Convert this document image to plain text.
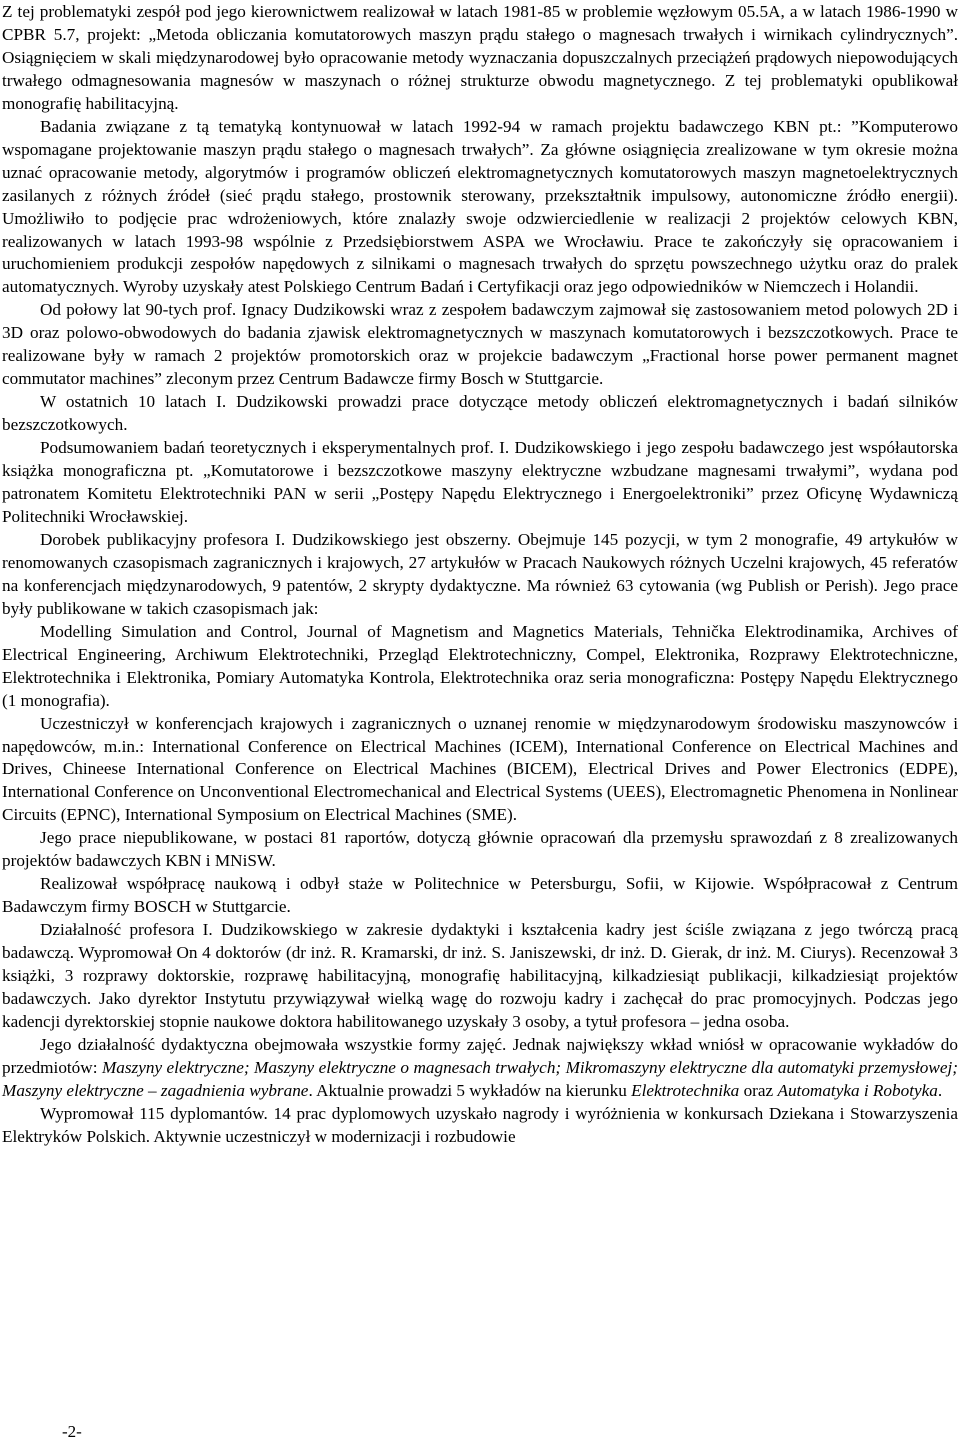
Z tej problematyki zespół pod jego kierownictwem realizował w latach 1981-85 w problemie węzłowym 05.5A, a w latach 1986-1990 w CPBR 5.7, projekt: „Metoda obliczania komutatorowych maszyn prądu stałego o magnesach trwałych i wirnikach cylindrycznych”. Osiągnięciem w skali międzynarodowej było opracowanie metody wyznaczania dopuszczalnych przeciążeń prądowych niepowodujących trwałego odmagnesowania magnesów w maszynach o różnej strukturze obwodu magnetycznego. Z tej problematyki opublikował monografię habilitacyjną.

Badania związane z tą tematyką kontynuował w latach 1992-94 w ramach projektu badawczego KBN pt.: ”Komputerowo wspomagane projektowanie maszyn prądu stałego o magnesach trwałych”. Za główne osiągnięcia zrealizowane w tym okresie można uznać opracowanie metody, algorytmów i programów obliczeń elektromagnetycznych komutatorowych maszyn magnetoelektrycznych zasilanych z różnych źródeł (sieć prądu stałego, prostownik sterowany, przekształtnik impulsowy, autonomiczne źródło energii). Umożliwiło to podjęcie prac wdrożeniowych, które znalazły swoje odzwierciedlenie w realizacji 2 projektów celowych KBN, realizowanych w latach 1993-98 wspólnie z Przedsiębiorstwem ASPA we Wrocławiu. Prace te zakończyły się opracowaniem i uruchomieniem produkcji zespołów napędowych z silnikami o magnesach trwałych do sprzętu powszechnego użytku oraz do pralek automatycznych. Wyroby uzyskały atest Polskiego Centrum Badań i Certyfikacji oraz jego odpowiedników w Niemczech i Holandii.

Od połowy lat 90-tych prof. Ignacy Dudzikowski wraz z zespołem badawczym zajmował się zastosowaniem metod polowych 2D i 3D oraz polowo-obwodowych do badania zjawisk elektromagnetycznych w maszynach komutatorowych i bezszczotkowych. Prace te realizowane były w ramach 2 projektów promotorskich oraz w projekcie badawczym „Fractional horse power permanent magnet commutator machines” zleconym przez Centrum Badawcze firmy Bosch w Stuttgarcie.

W ostatnich 10 latach I. Dudzikowski prowadzi prace dotyczące metody obliczeń elektromagnetycznych i badań silników bezszczotkowych.

Podsumowaniem badań teoretycznych i eksperymentalnych prof. I. Dudzikowskiego i jego zespołu badawczego jest współautorska książka monograficzna pt. „Komutatorowe i bezszczotkowe maszyny elektryczne wzbudzane magnesami trwałymi”, wydana pod patronatem Komitetu Elektrotechniki PAN w serii „Postępy Napędu Elektrycznego i Energoelektroniki” przez Oficynę Wydawniczą Politechniki Wrocławskiej.

Dorobek publikacyjny profesora I. Dudzikowskiego jest obszerny. Obejmuje 145 pozycji, w tym 2 monografie, 49 artykułów w renomowanych czasopismach zagranicznych i krajowych, 27 artykułów w Pracach Naukowych różnych Uczelni krajowych, 45 referatów na konferencjach międzynarodowych, 9 patentów, 2 skrypty dydaktyczne. Ma również 63 cytowania (wg Publish or Perish). Jego prace były publikowane w takich czasopismach jak:

Modelling Simulation and Control, Journal of Magnetism and Magnetics Materials, Tehnička Elektrodinamika, Archives of Electrical Engineering, Archiwum Elektrotechniki, Przegląd Elektrotechniczny, Compel, Elektronika, Rozprawy Elektrotechniczne, Elektrotechnika i Elektronika, Pomiary Automatyka Kontrola, Elektrotechnika oraz seria monograficzna: Postępy Napędu Elektrycznego (1 monografia).

Uczestniczył w konferencjach krajowych i zagranicznych o uznanej renomie w międzynarodowym środowisku maszynowców i napędowców, m.in.: International Conference on Electrical Machines (ICEM), International Conference on Electrical Machines and Drives, Chineese International Conference on Electrical Machines (BICEM), Electrical Drives and Power Electronics (EDPE), International Conference on Unconventional Electromechanical and Electrical Systems (UEES), Electromagnetic Phenomena in Nonlinear Circuits (EPNC), International Symposium on Electrical Machines (SME).

Jego prace niepublikowane, w postaci 81 raportów, dotyczą głównie opracowań dla przemysłu sprawozdań z 8 zrealizowanych projektów badawczych KBN i MNiSW.

Realizował współpracę naukową i odbył staże w Politechnice w Petersburgu, Sofii, w Kijowie. Współpracował z Centrum Badawczym firmy BOSCH w Stuttgarcie.

Działalność profesora I. Dudzikowskiego w zakresie dydaktyki i kształcenia kadry jest ściśle związana z jego twórczą pracą badawczą. Wypromował On 4 doktorów (dr inż. R. Kramarski, dr inż. S. Janiszewski, dr inż. D. Gierak, dr inż. M. Ciurys). Recenzował 3 książki, 3 rozprawy doktorskie, rozprawę habilitacyjną, monografię habilitacyjną, kilkadziesiąt publikacji, kilkadziesiąt projektów badawczych. Jako dyrektor Instytutu przywiązywał wielką wagę do rozwoju kadry i zachęcał do prac promocyjnych. Podczas jego kadencji dyrektorskiej stopnie naukowe doktora habilitowanego uzyskały 3 osoby, a tytuł profesora – jedna osoba.

Jego działalność dydaktyczna obejmowała wszystkie formy zajęć. Jednak największy wkład wniósł w opracowanie wykładów do przedmiotów: Maszyny elektryczne; Maszyny elektryczne o magnesach trwałych; Mikromaszyny elektryczne dla automatyki przemysłowej; Maszyny elektryczne – zagadnienia wybrane. Aktualnie prowadzi 5 wykładów na kierunku Elektrotechnika oraz Automatyka i Robotyka.

Wypromował 115 dyplomantów. 14 prac dyplomowych uzyskało nagrody i wyróżnienia w konkursach Dziekana i Stowarzyszenia Elektryków Polskich. Aktywnie uczestniczył w modernizacji i rozbudowie

-2-
